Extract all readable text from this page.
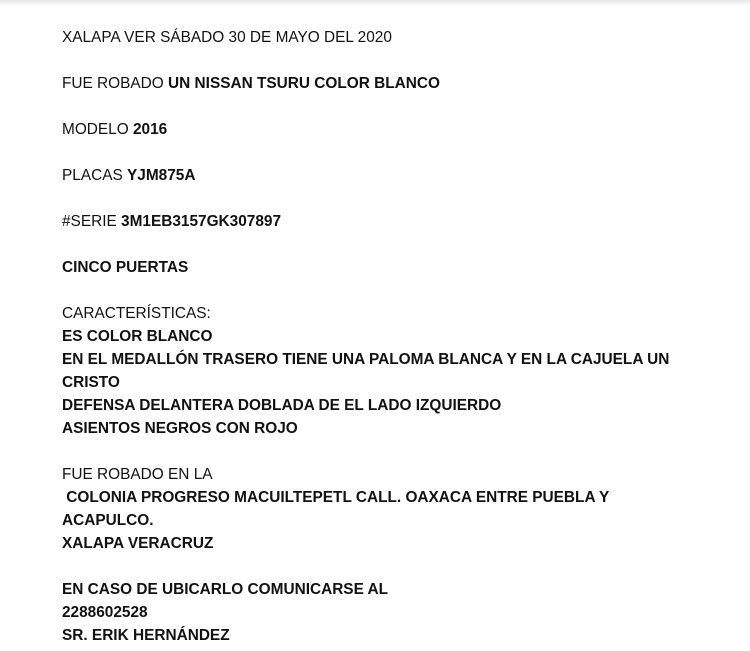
XALAPA VER SÁBADO 30 DE MAYO DEL 2020
FUE ROBADO UN NISSAN TSURU COLOR BLANCO
MODELO 2016
PLACAS YJM875A
#SERIE 3M1EB3157GK307897
CINCO PUERTAS
CARACTERÍSTICAS:
ES COLOR BLANCO
EN EL MEDALLÓN TRASERO TIENE UNA PALOMA BLANCA Y EN LA CAJUELA UN
CRISTO
DEFENSA DELANTERA DOBLADA DE EL LADO IZQUIERDO
ASIENTOS NEGROS CON ROJO
FUE ROBADO EN LA
COLONIA PROGRESO MACUILTEPETL CALL. OAXACA ENTRE PUEBLA Y
ACAPULCO.
XALAPA VERACRUZ
EN CASO DE UBICARLO COMUNICARSE AL
2288602528
SR. ERIK HERNÁNDEZ
